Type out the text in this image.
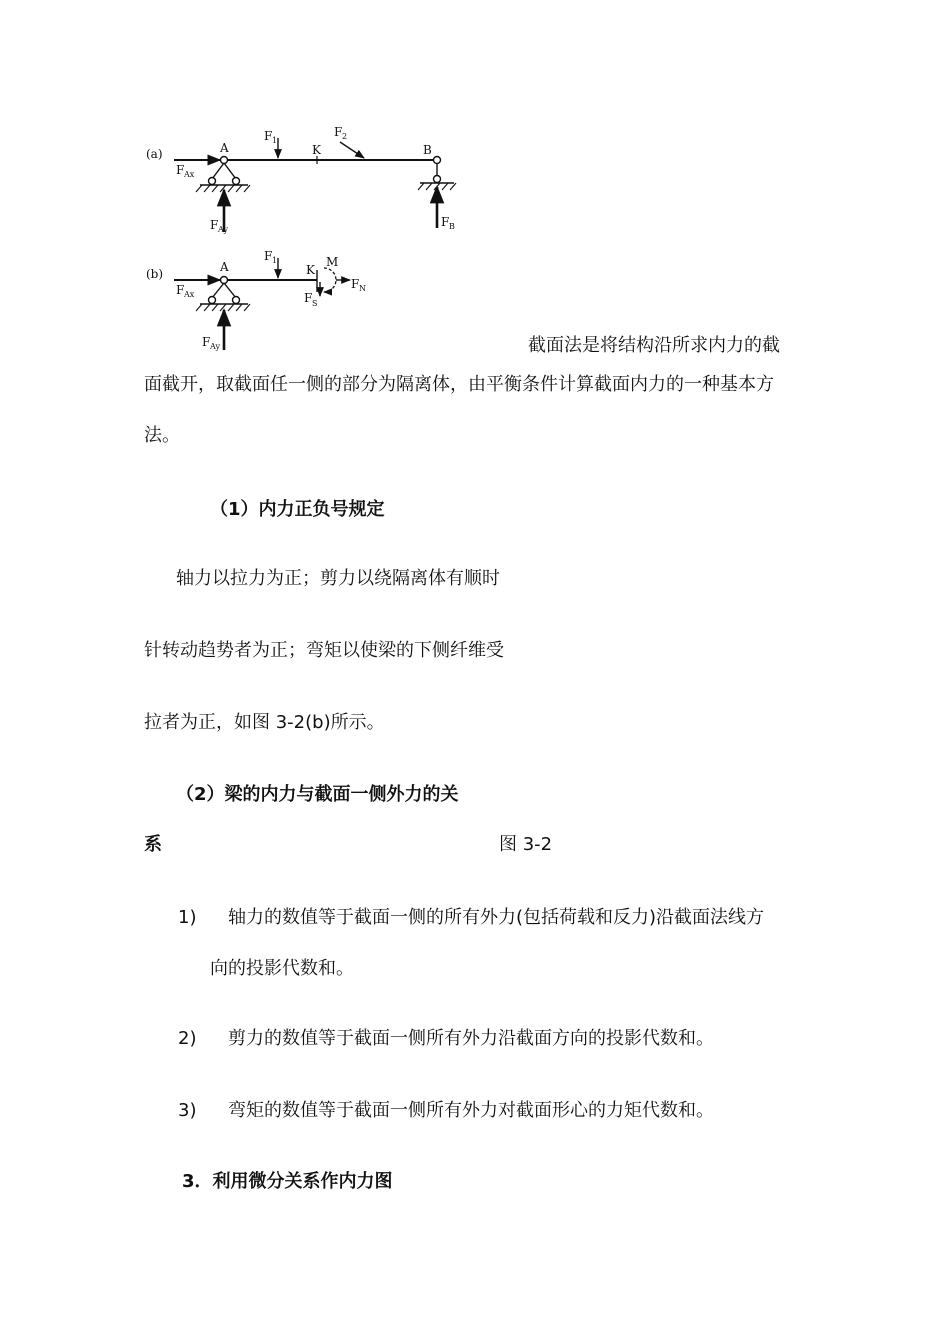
(a)	A
F Ax
F Ay
F 1
K
F 2
B
F B
(b)	A
F Ax
F Ay
F 1
K
M
F N
F S
截面法是将结构沿所求内力的截
面截开，取截面任一侧的部分为隔离体，由平衡条件计算截面内力的一种基本方
法。
（1）内力正负号规定
轴力以拉力为正；剪力以绕隔离体有顺时
针转动趋势者为正；弯矩以使梁的下侧纤维受
拉者为正，如图 3-2(b)所示。
（2）梁的内力与截面一侧外力的关
系	图 3-2
1) 轴力的数值等于截面一侧的所有外力(包括荷载和反力)沿截面法线方
向的投影代数和。
2) 剪力的数值等于截面一侧所有外力沿截面方向的投影代数和。
3) 弯矩的数值等于截面一侧所有外力对截面形心的力矩代数和。
3．利用微分关系作内力图
